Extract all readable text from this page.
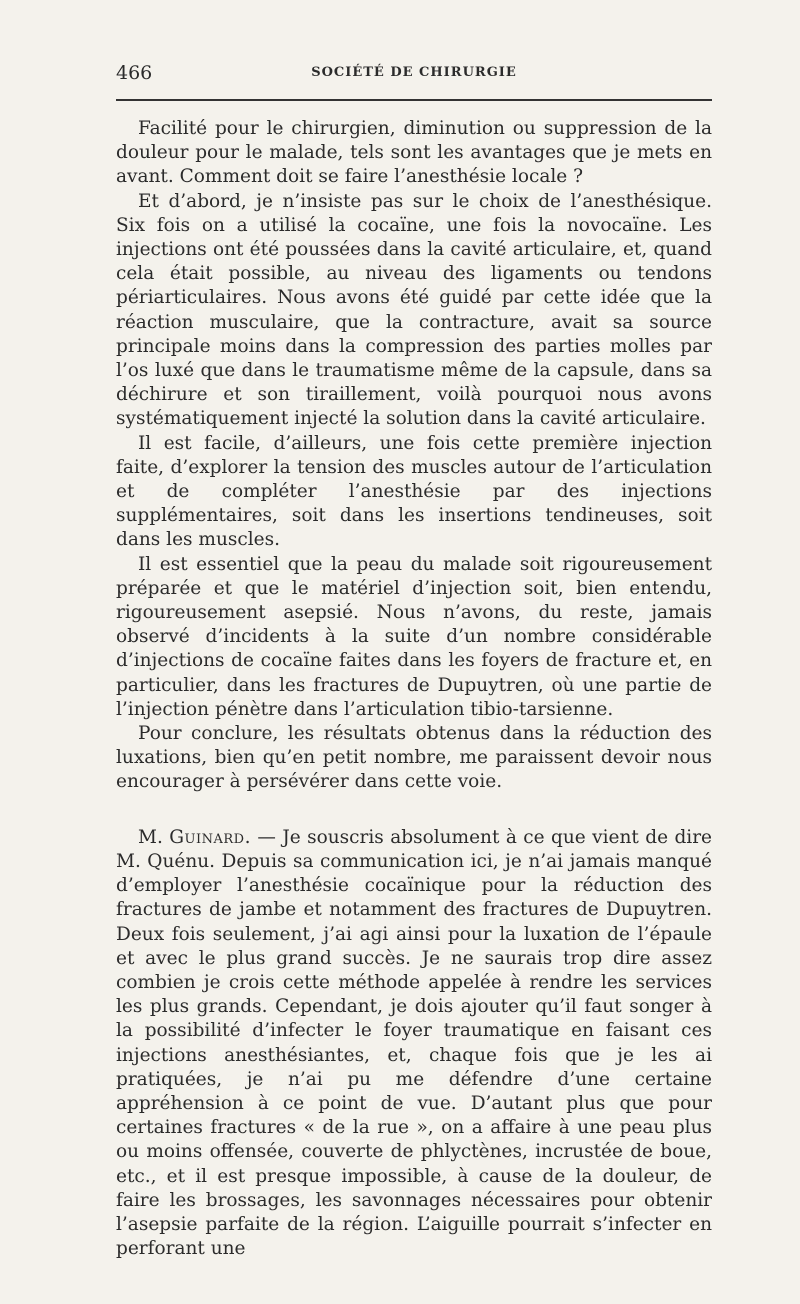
466	SOCIÉTÉ DE CHIRURGIE

Facilité pour le chirurgien, diminution ou suppression de la douleur pour le malade, tels sont les avantages que je mets en avant. Comment doit se faire l’anesthésie locale ?

Et d’abord, je n’insiste pas sur le choix de l’anesthésique. Six fois on a utilisé la cocaïne, une fois la novocaïne. Les injections ont été poussées dans la cavité articulaire, et, quand cela était possible, au niveau des ligaments ou tendons périarticulaires. Nous avons été guidé par cette idée que la réaction musculaire, que la contracture, avait sa source principale moins dans la compression des parties molles par l’os luxé que dans le traumatisme même de la capsule, dans sa déchirure et son tiraillement, voilà pourquoi nous avons systématiquement injecté la solution dans la cavité articulaire.

Il est facile, d’ailleurs, une fois cette première injection faite, d’explorer la tension des muscles autour de l’articulation et de compléter l’anesthésie par des injections supplémentaires, soit dans les insertions tendineuses, soit dans les muscles.

Il est essentiel que la peau du malade soit rigoureusement préparée et que le matériel d’injection soit, bien entendu, rigoureusement asepsié. Nous n’avons, du reste, jamais observé d’incidents à la suite d’un nombre considérable d’injections de cocaïne faites dans les foyers de fracture et, en particulier, dans les fractures de Dupuytren, où une partie de l’injection pénètre dans l’articulation tibio-tarsienne.

Pour conclure, les résultats obtenus dans la réduction des luxations, bien qu’en petit nombre, me paraissent devoir nous encourager à persévérer dans cette voie.

M. Guinard. — Je souscris absolument à ce que vient de dire M. Quénu. Depuis sa communication ici, je n’ai jamais manqué d’employer l’anesthésie cocaïnique pour la réduction des fractures de jambe et notamment des fractures de Dupuytren. Deux fois seulement, j’ai agi ainsi pour la luxation de l’épaule et avec le plus grand succès. Je ne saurais trop dire assez combien je crois cette méthode appelée à rendre les services les plus grands. Cependant, je dois ajouter qu’il faut songer à la possibilité d’infecter le foyer traumatique en faisant ces injections anesthésiantes, et, chaque fois que je les ai pratiquées, je n’ai pu me défendre d’une certaine appréhension à ce point de vue. D’autant plus que pour certaines fractures « de la rue », on a affaire à une peau plus ou moins offensée, couverte de phlyctènes, incrustée de boue, etc., et il est presque impossible, à cause de la douleur, de faire les brossages, les savonnages nécessaires pour obtenir l’asepsie parfaite de la région. L’aiguille pourrait s’infecter en perforant une
